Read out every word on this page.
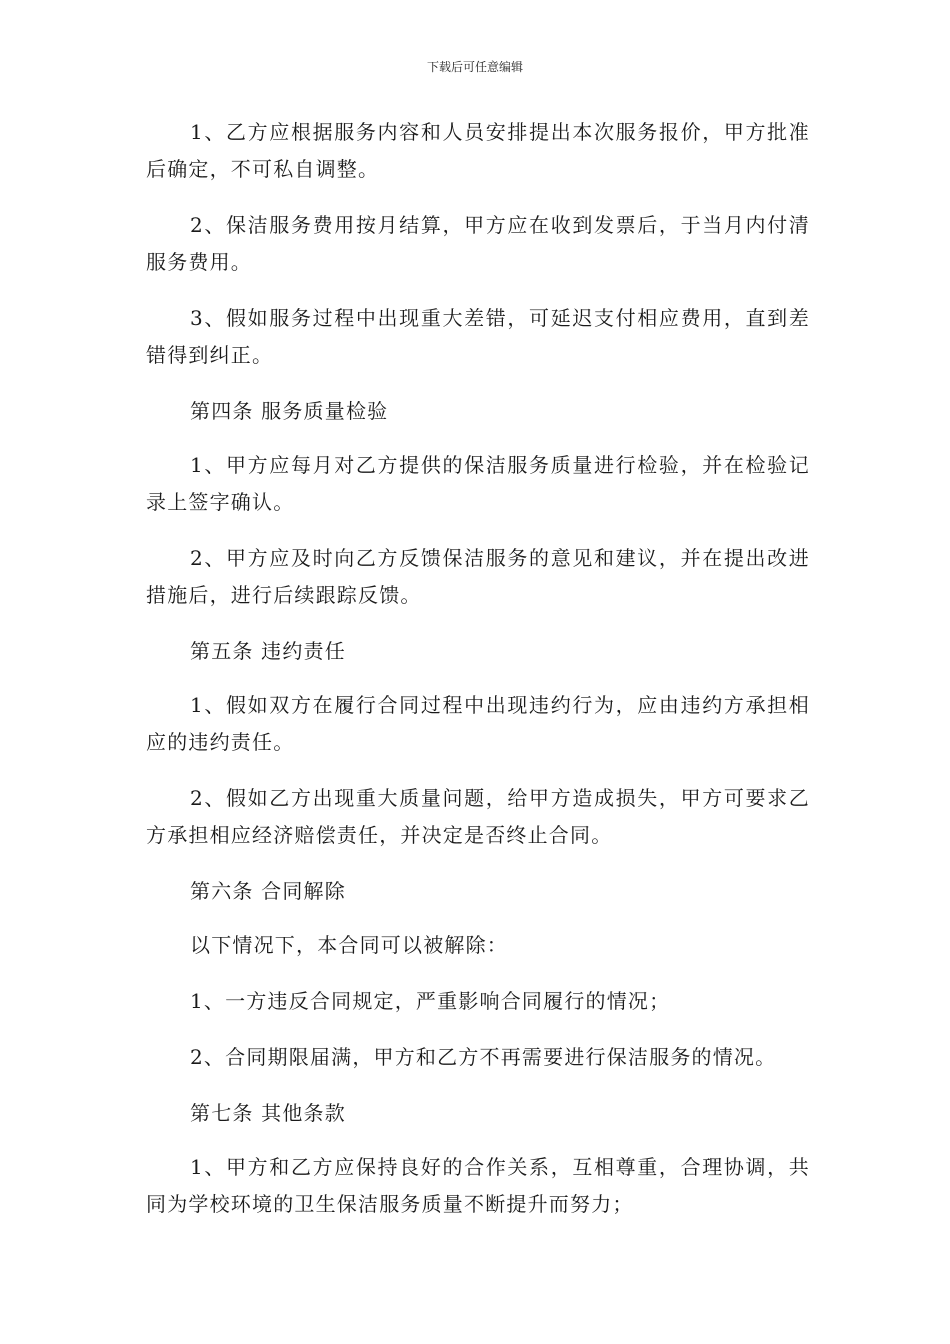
下载后可任意编辑

1、乙方应根据服务内容和人员安排提出本次服务报价，甲方批准后确定，不可私自调整。

2、保洁服务费用按月结算，甲方应在收到发票后，于当月内付清服务费用。

3、假如服务过程中出现重大差错，可延迟支付相应费用，直到差错得到纠正。

第四条 服务质量检验

1、甲方应每月对乙方提供的保洁服务质量进行检验，并在检验记录上签字确认。

2、甲方应及时向乙方反馈保洁服务的意见和建议，并在提出改进措施后，进行后续跟踪反馈。

第五条 违约责任

1、假如双方在履行合同过程中出现违约行为，应由违约方承担相应的违约责任。

2、假如乙方出现重大质量问题，给甲方造成损失，甲方可要求乙方承担相应经济赔偿责任，并决定是否终止合同。

第六条 合同解除

以下情况下，本合同可以被解除：

1、一方违反合同规定，严重影响合同履行的情况；

2、合同期限届满，甲方和乙方不再需要进行保洁服务的情况。

第七条 其他条款

1、甲方和乙方应保持良好的合作关系，互相尊重，合理协调，共同为学校环境的卫生保洁服务质量不断提升而努力；
